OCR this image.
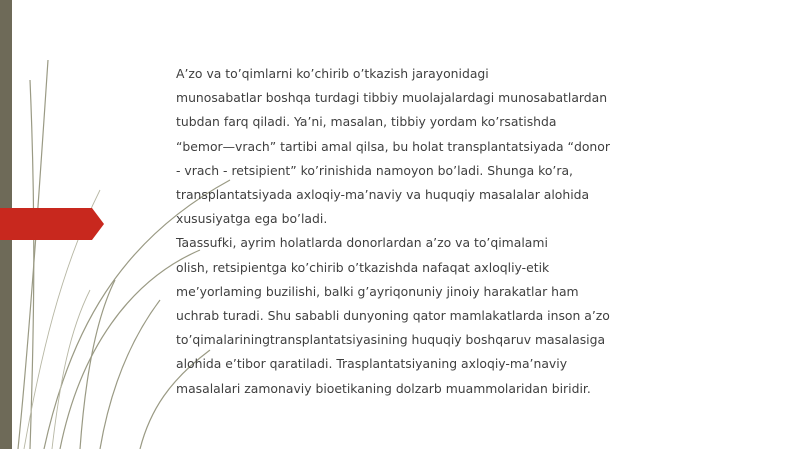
A’zo va to’qimlarni ko’chirib o’tkazish jarayonidagi
munosabatlar boshqa turdagi tibbiy muolajalardagi munosabatlardan
tubdan farq qiladi. Ya’ni, masalan, tibbiy yordam ko’rsatishda
“bemor—vrach” tartibi amal qilsa, bu holat transplantatsiyada “donor
- vrach - retsipient” ko’rinishida namoyon bo’ladi. Shunga ko’ra,
transplantatsiyada axloqiy-ma’naviy va huquqiy masalalar alohida
xususiyatga ega bo’ladi.
Taassufki, ayrim holatlarda donorlardan a’zo va to’qimalami
olish, retsipientga ko’chirib o’tkazishda nafaqat axloqliy-etik
me’yorlaming buzilishi, balki g’ayriqonuniy jinoiy harakatlar ham
uchrab turadi. Shu sababli dunyoning qator mamlakatlarda inson a’zo
to’qimalariningtransplantatsiyasining huquqiy boshqaruv masalasiga
alohida e’tibor qaratiladi. Trasplantatsiyaning axloqiy-ma’naviy
masalalari zamonaviy bioetikaning dolzarb muammolaridan biridir.
